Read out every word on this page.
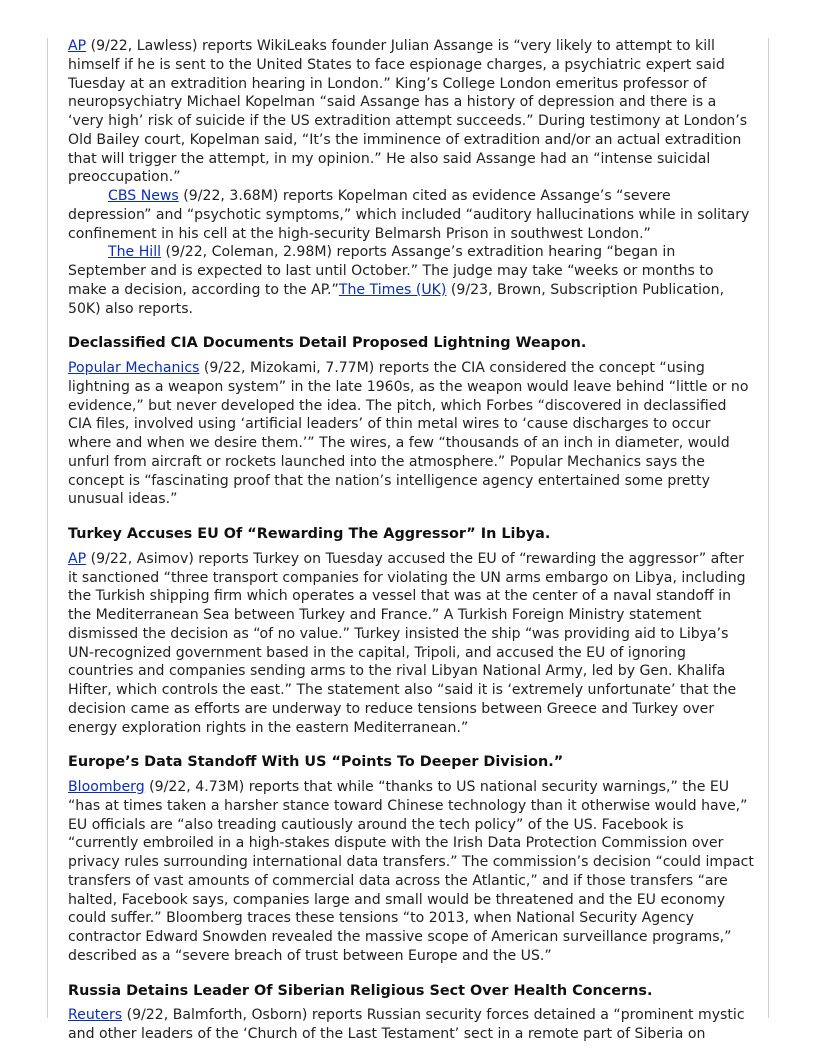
AP (9/22, Lawless) reports WikiLeaks founder Julian Assange is “very likely to attempt to kill himself if he is sent to the United States to face espionage charges, a psychiatric expert said Tuesday at an extradition hearing in London.” King’s College London emeritus professor of neuropsychiatry Michael Kopelman “said Assange has a history of depression and there is a ‘very high’ risk of suicide if the US extradition attempt succeeds.” During testimony at London’s Old Bailey court, Kopelman said, “It’s the imminence of extradition and/or an actual extradition that will trigger the attempt, in my opinion.” He also said Assange had an “intense suicidal preoccupation.”

CBS News (9/22, 3.68M) reports Kopelman cited as evidence Assange’s “severe depression” and “psychotic symptoms,” which included “auditory hallucinations while in solitary confinement in his cell at the high-security Belmarsh Prison in southwest London.”

The Hill (9/22, Coleman, 2.98M) reports Assange’s extradition hearing “began in September and is expected to last until October.” The judge may take “weeks or months to make a decision, according to the AP.”The Times (UK) (9/23, Brown, Subscription Publication, 50K) also reports.

Declassified CIA Documents Detail Proposed Lightning Weapon.

Popular Mechanics (9/22, Mizokami, 7.77M) reports the CIA considered the concept “using lightning as a weapon system” in the late 1960s, as the weapon would leave behind “little or no evidence,” but never developed the idea. The pitch, which Forbes “discovered in declassified CIA files, involved using ‘artificial leaders’ of thin metal wires to ‘cause discharges to occur where and when we desire them.’” The wires, a few “thousands of an inch in diameter, would unfurl from aircraft or rockets launched into the atmosphere.” Popular Mechanics says the concept is “fascinating proof that the nation’s intelligence agency entertained some pretty unusual ideas.”

Turkey Accuses EU Of “Rewarding The Aggressor” In Libya.

AP (9/22, Asimov) reports Turkey on Tuesday accused the EU of “rewarding the aggressor” after it sanctioned “three transport companies for violating the UN arms embargo on Libya, including the Turkish shipping firm which operates a vessel that was at the center of a naval standoff in the Mediterranean Sea between Turkey and France.” A Turkish Foreign Ministry statement dismissed the decision as “of no value.” Turkey insisted the ship “was providing aid to Libya’s UN-recognized government based in the capital, Tripoli, and accused the EU of ignoring countries and companies sending arms to the rival Libyan National Army, led by Gen. Khalifa Hifter, which controls the east.” The statement also “said it is ‘extremely unfortunate’ that the decision came as efforts are underway to reduce tensions between Greece and Turkey over energy exploration rights in the eastern Mediterranean.”

Europe’s Data Standoff With US “Points To Deeper Division.”

Bloomberg (9/22, 4.73M) reports that while “thanks to US national security warnings,” the EU “has at times taken a harsher stance toward Chinese technology than it otherwise would have,” EU officials are “also treading cautiously around the tech policy” of the US. Facebook is “currently embroiled in a high-stakes dispute with the Irish Data Protection Commission over privacy rules surrounding international data transfers.” The commission’s decision “could impact transfers of vast amounts of commercial data across the Atlantic,” and if those transfers “are halted, Facebook says, companies large and small would be threatened and the EU economy could suffer.” Bloomberg traces these tensions “to 2013, when National Security Agency contractor Edward Snowden revealed the massive scope of American surveillance programs,” described as a “severe breach of trust between Europe and the US.”

Russia Detains Leader Of Siberian Religious Sect Over Health Concerns.

Reuters (9/22, Balmforth, Osborn) reports Russian security forces detained a “prominent mystic and other leaders of the ‘Church of the Last Testament’ sect in a remote part of Siberia on
